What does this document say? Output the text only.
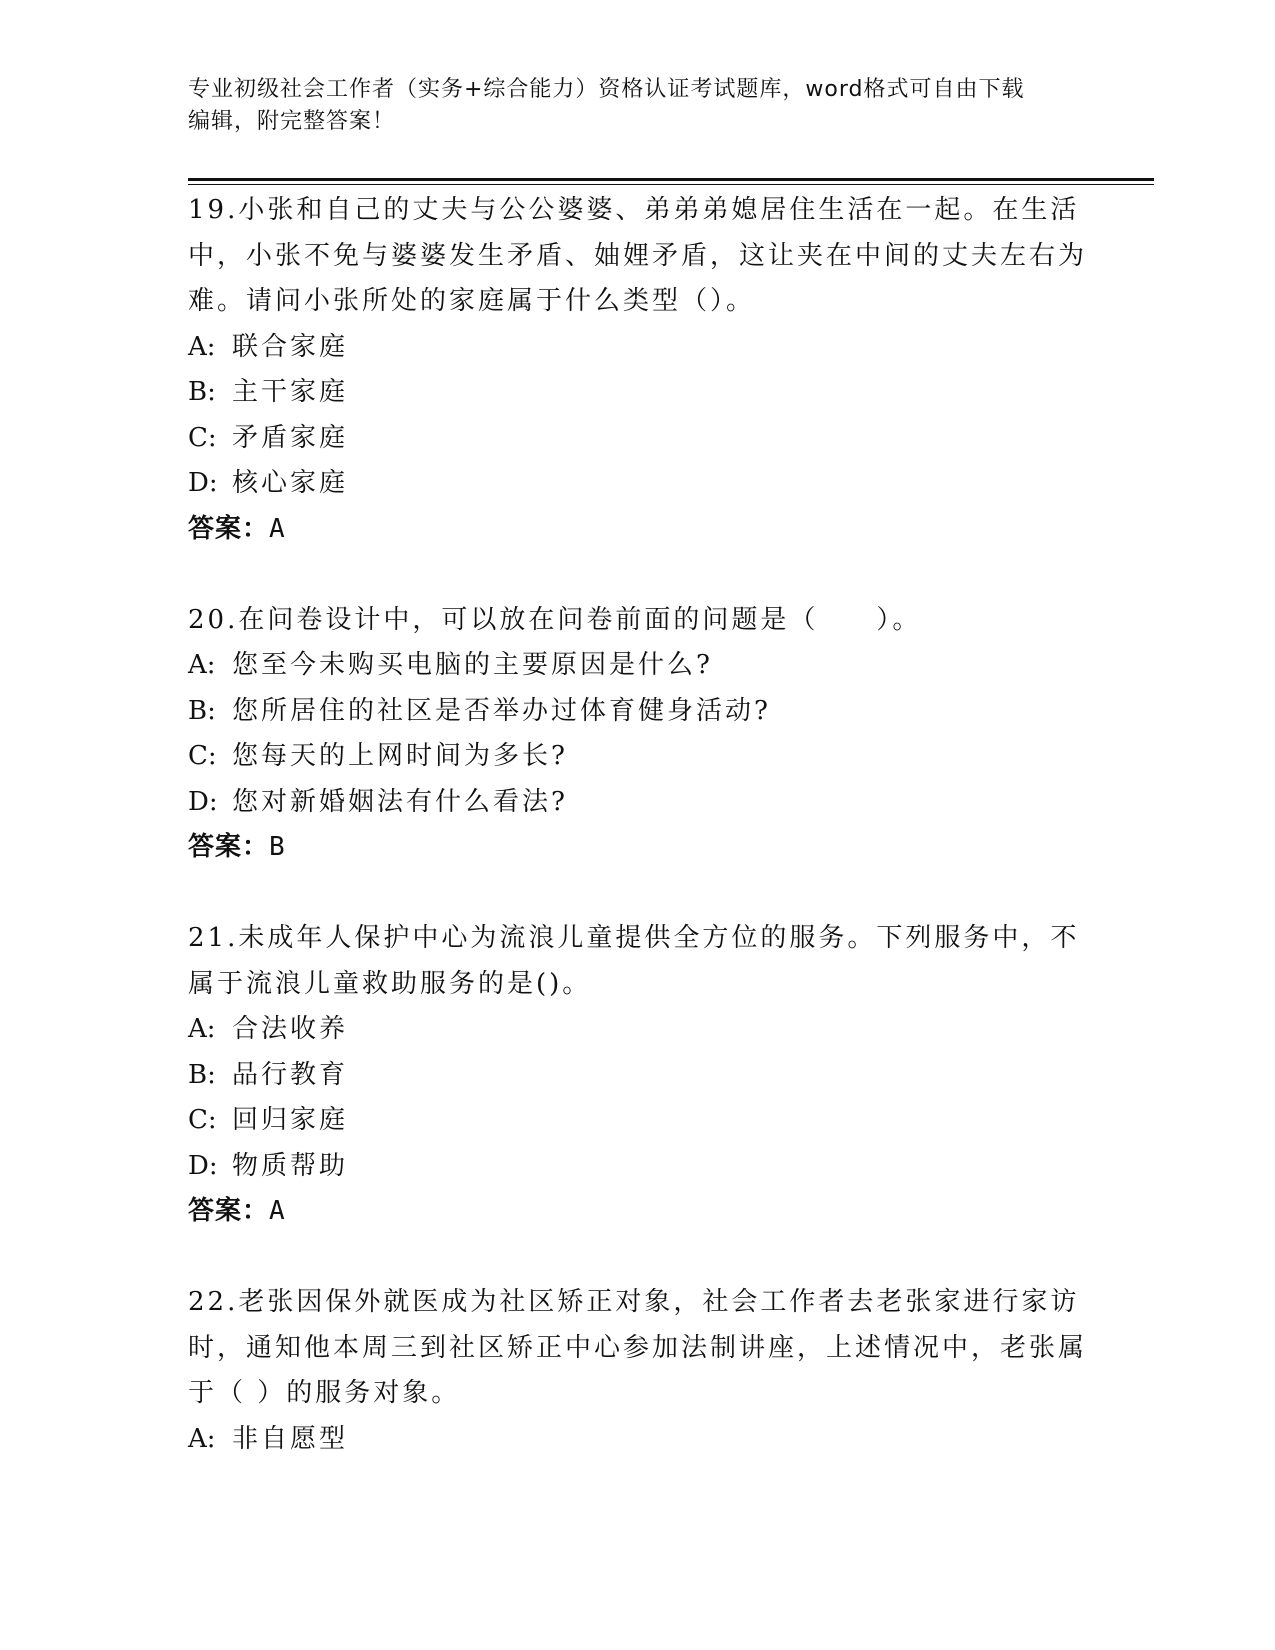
专业初级社会工作者（实务+综合能力）资格认证考试题库，word格式可自由下载
编辑，附完整答案！

19.小张和自己的丈夫与公公婆婆、弟弟弟媳居住生活在一起。在生活中，小张不免与婆婆发生矛盾、妯娌矛盾，这让夹在中间的丈夫左右为难。请问小张所处的家庭属于什么类型（）。

A: 联合家庭

B: 主干家庭

C: 矛盾家庭

D: 核心家庭

答案：A

20.在问卷设计中，可以放在问卷前面的问题是（　　）。

A: 您至今未购买电脑的主要原因是什么?

B: 您所居住的社区是否举办过体育健身活动?

C: 您每天的上网时间为多长?

D: 您对新婚姻法有什么看法?

答案：B

21.未成年人保护中心为流浪儿童提供全方位的服务。下列服务中，不属于流浪儿童救助服务的是()。

A: 合法收养

B: 品行教育

C: 回归家庭

D: 物质帮助

答案：A

22.老张因保外就医成为社区矫正对象，社会工作者去老张家进行家访时，通知他本周三到社区矫正中心参加法制讲座，上述情况中，老张属于（ ）的服务对象。

A: 非自愿型
